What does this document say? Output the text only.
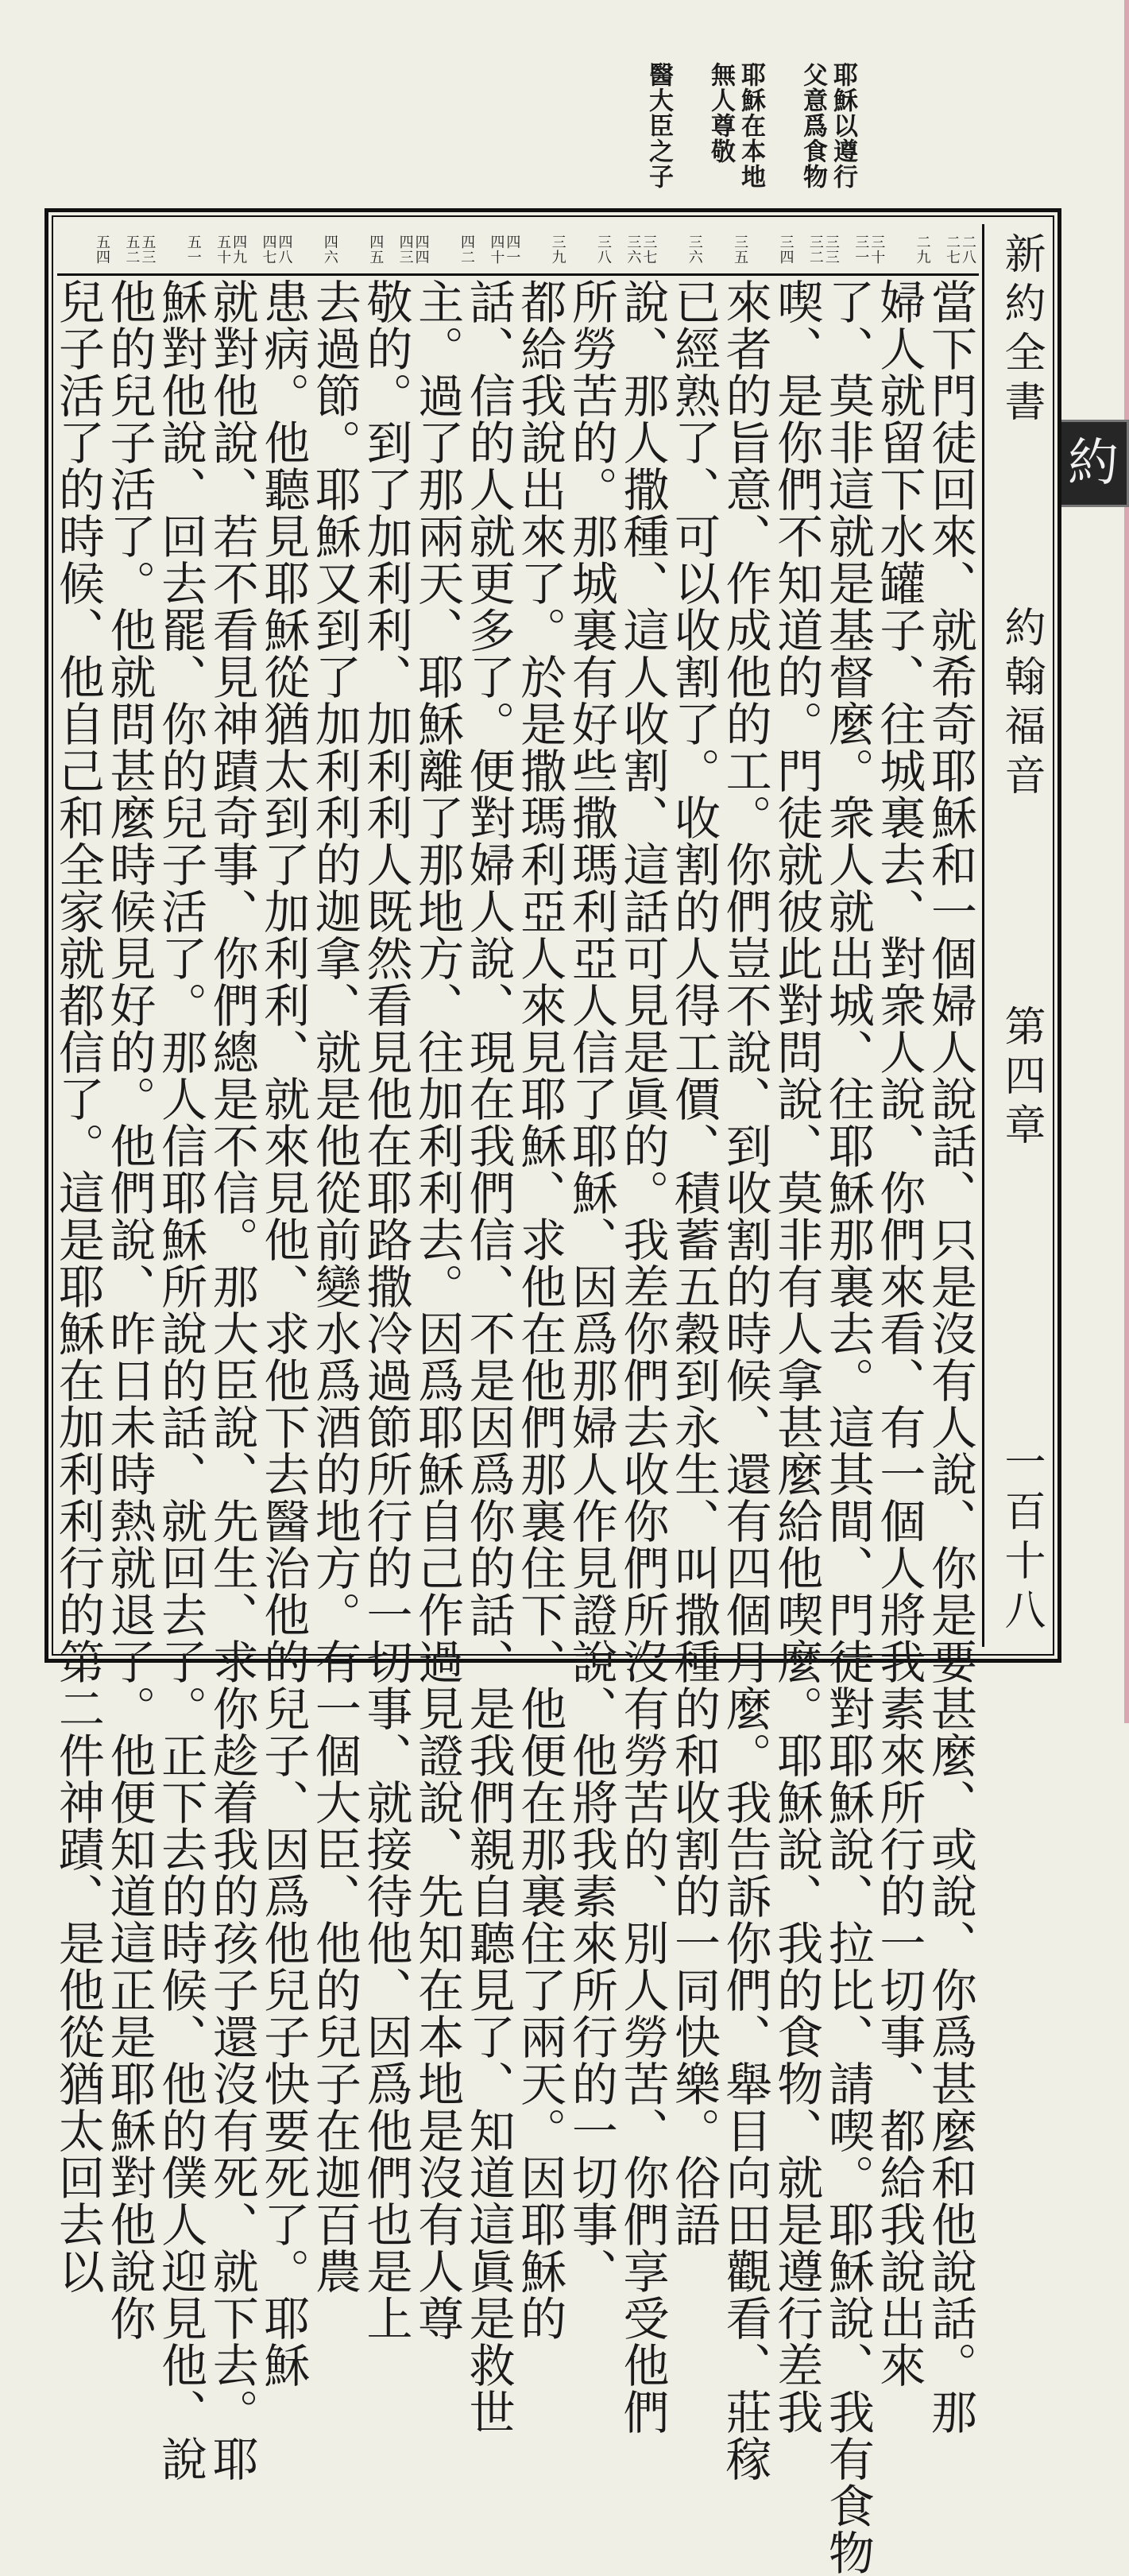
約
耶穌以遵行
父意爲食物
耶穌在本地
無人尊敬
醫大臣之子
新約全書
約翰福音
第四章
一百十八
二八
二七
二九
三十
三一
三三
三二
三四
三五
三六
三七
三六
三八
三九
四一
四十
四二
四四
四三
四五
四六
四八
四七
四九
五十
五一
五三
五二
五四
當下門徒回來、就希奇耶穌和一個婦人說話、只是沒有人說、你是要甚麼、或說、你爲甚麼和他說話。那
婦人就留下水罐子、往城裏去、對衆人說、你們來看、有一個人將我素來所行的一切事、都給我說出來
了、莫非這就是基督麼。衆人就出城、往耶穌那裏去。這其間、門徒對耶穌說、拉比、請喫。耶穌說、我有食物
喫、是你們不知道的。門徒就彼此對問說、莫非有人拿甚麼給他喫麼。耶穌說、我的食物、就是遵行差我
來者的旨意、作成他的工。你們豈不說、到收割的時候、還有四個月麼。我告訴你們、舉目向田觀看、莊稼
已經熟了、可以收割了。收割的人得工價、積蓄五穀到永生、叫撒種的和收割的一同快樂。俗語
說、那人撒種、這人收割、這話可見是眞的。我差你們去收你們所沒有勞苦的、別人勞苦、你們享受他們
所勞苦的。那城裏有好些撒瑪利亞人信了耶穌、因爲那婦人作見證說、他將我素來所行的一切事、
都給我說出來了。於是撒瑪利亞人來見耶穌、求他在他們那裏住下、他便在那裏住了兩天。因耶穌的
話、信的人就更多了。便對婦人說、現在我們信、不是因爲你的話、是我們親自聽見了、知道這眞是救世
主。過了那兩天、耶穌離了那地方、往加利利去。因爲耶穌自己作過見證說、先知在本地是沒有人尊
敬的。到了加利利、加利利人既然看見他在耶路撒冷過節所行的一切事、就接待他、因爲他們也是上
去過節。耶穌又到了加利利的迦拿、就是他從前變水爲酒的地方。有一個大臣、他的兒子在迦百農
患病。他聽見耶穌從猶太到了加利利、就來見他、求他下去醫治他的兒子、因爲他兒子快要死了。耶穌
就對他說、若不看見神蹟奇事、你們總是不信。那大臣說、先生、求你趁着我的孩子還沒有死、就下去。耶
穌對他說、回去罷、你的兒子活了。那人信耶穌所說的話、就回去了。正下去的時候、他的僕人迎見他、說
他的兒子活了。他就問甚麼時候見好的。他們說、昨日未時熱就退了。他便知道這正是耶穌對他說你
兒子活了的時候、他自己和全家就都信了。這是耶穌在加利利行的第二件神蹟、是他從猶太回去以
